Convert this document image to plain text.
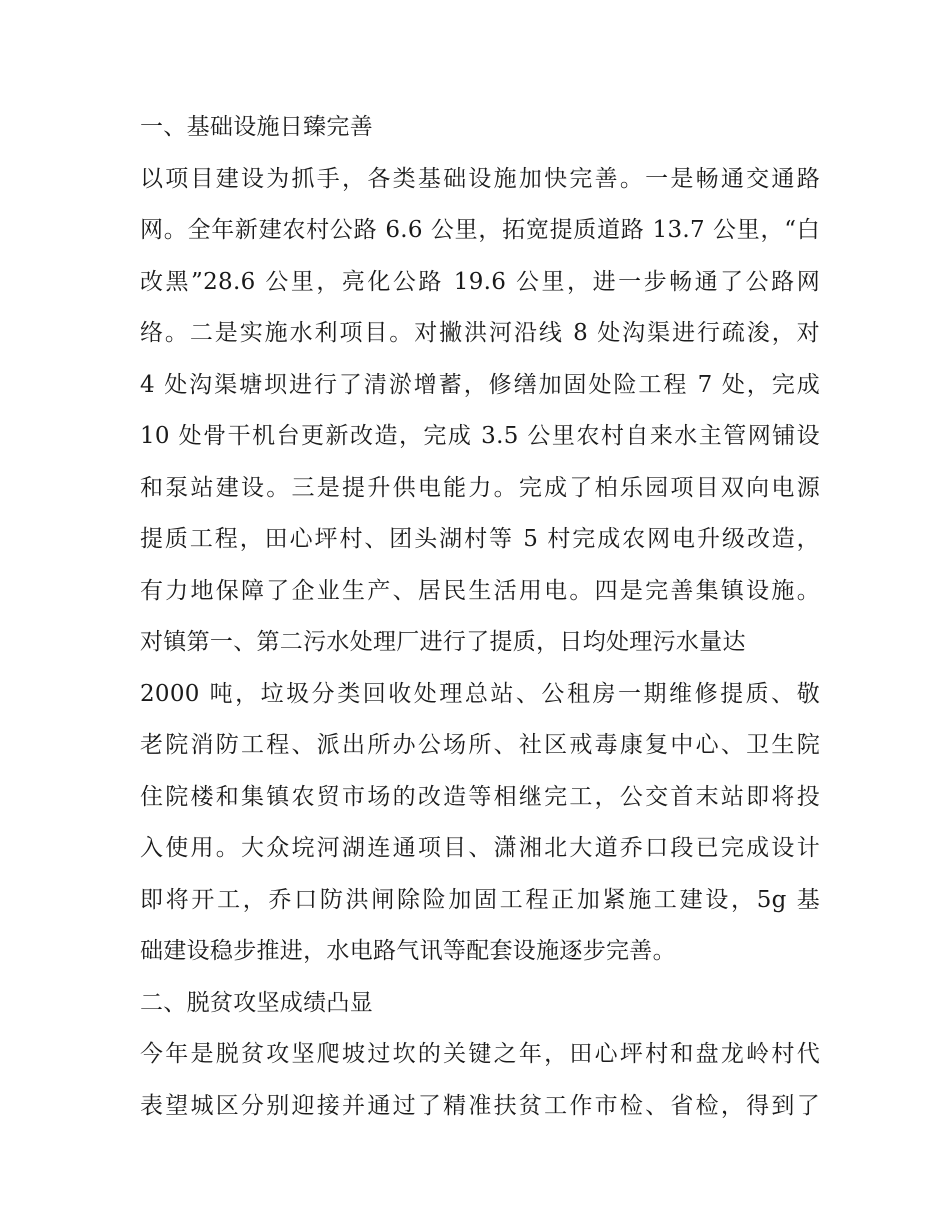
一、基础设施日臻完善
以项目建设为抓手，各类基础设施加快完善。一是畅通交通路
网。全年新建农村公路 6.6 公里，拓宽提质道路 13.7 公里，“白
改黑”28.6 公里，亮化公路 19.6 公里，进一步畅通了公路网
络。二是实施水利项目。对撇洪河沿线 8 处沟渠进行疏浚，对
4 处沟渠塘坝进行了清淤增蓄，修缮加固处险工程 7 处，完成
10 处骨干机台更新改造，完成 3.5 公里农村自来水主管网铺设
和泵站建设。三是提升供电能力。完成了柏乐园项目双向电源
提质工程，田心坪村、团头湖村等 5 村完成农网电升级改造，
有力地保障了企业生产、居民生活用电。四是完善集镇设施。
对镇第一、第二污水处理厂进行了提质，日均处理污水量达
2000 吨，垃圾分类回收处理总站、公租房一期维修提质、敬
老院消防工程、派出所办公场所、社区戒毒康复中心、卫生院
住院楼和集镇农贸市场的改造等相继完工，公交首末站即将投
入使用。大众垸河湖连通项目、潇湘北大道乔口段已完成设计
即将开工，乔口防洪闸除险加固工程正加紧施工建设，5g 基
础建设稳步推进，水电路气讯等配套设施逐步完善。
二、脱贫攻坚成绩凸显
今年是脱贫攻坚爬坡过坎的关键之年，田心坪村和盘龙岭村代
表望城区分别迎接并通过了精准扶贫工作市检、省检，得到了
